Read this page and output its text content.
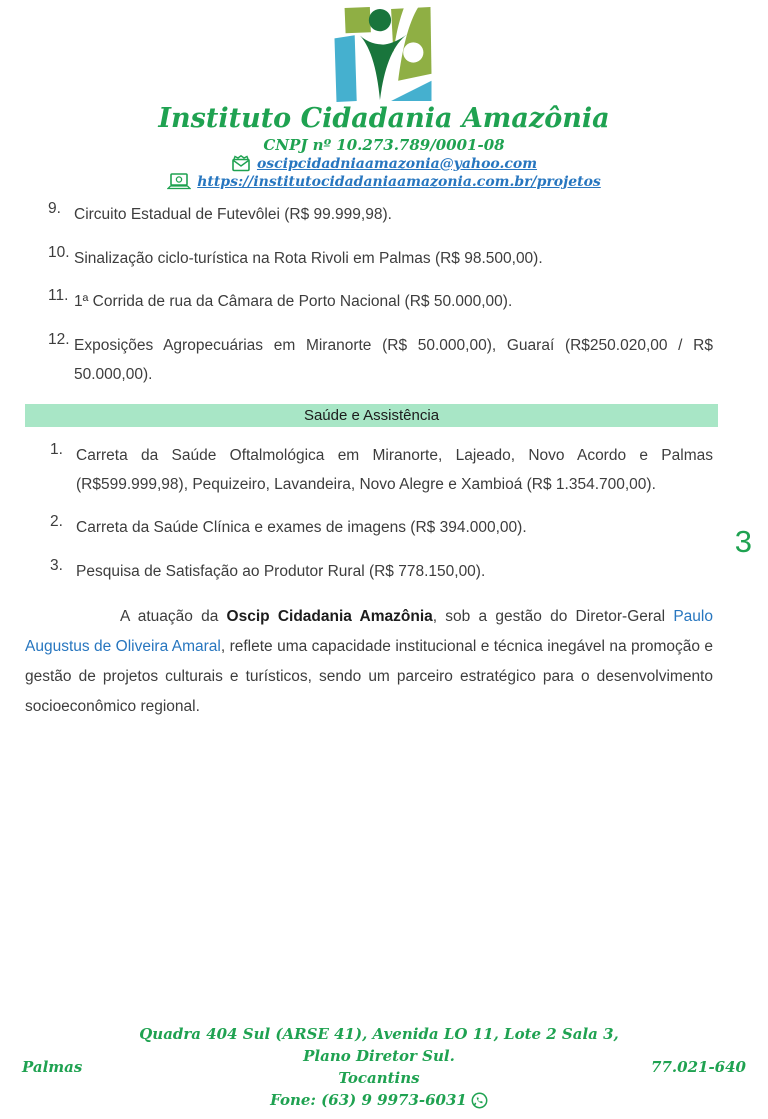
Instituto Cidadania Amazônia
CNPJ nº 10.273.789/0001-08
oscipcidadniaamazonia@yahoo.com
https://institutocidadaniaamazonia.com.br/projetos
9. Circuito Estadual de Futevôlei (R$ 99.999,98).
10. Sinalização ciclo-turística na Rota Rivoli em Palmas (R$ 98.500,00).
11. 1ª Corrida de rua da Câmara de Porto Nacional (R$ 50.000,00).
12. Exposições Agropecuárias em Miranorte (R$ 50.000,00), Guaraí (R$250.020,00 / R$ 50.000,00).
Saúde e Assistência
1. Carreta da Saúde Oftalmológica em Miranorte, Lajeado, Novo Acordo e Palmas (R$599.999,98), Pequizeiro, Lavandeira, Novo Alegre e Xambioá (R$ 1.354.700,00).
2. Carreta da Saúde Clínica e exames de imagens (R$ 394.000,00).
3. Pesquisa de Satisfação ao Produtor Rural (R$ 778.150,00).

A atuação da Oscip Cidadania Amazônia, sob a gestão do Diretor-Geral Paulo Augustus de Oliveira Amaral, reflete uma capacidade institucional e técnica inegável na promoção e gestão de projetos culturais e turísticos, sendo um parceiro estratégico para o desenvolvimento socioeconômico regional.

3
Palmas
Quadra 404 Sul (ARSE 41), Avenida LO 11, Lote 2 Sala 3, Plano Diretor Sul.
Tocantins
Fone: (63) 9 9973-6031
77.021-640
